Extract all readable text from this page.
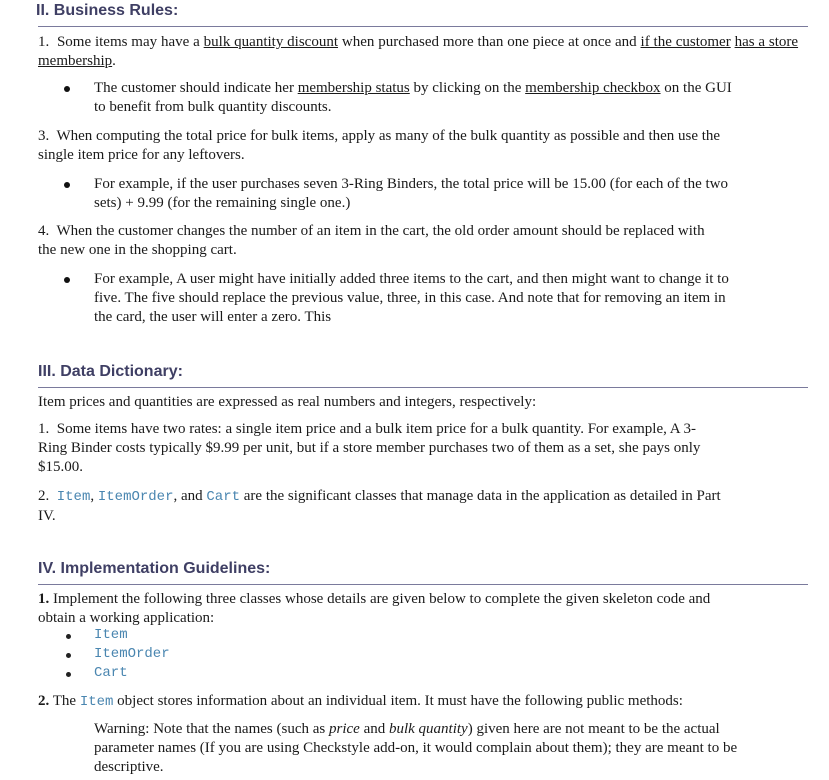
II. Business Rules:
1. Some items may have a bulk quantity discount when purchased more than one piece at once and if the customer has a store membership.
The customer should indicate her membership status by clicking on the membership checkbox on the GUI
to benefit from bulk quantity discounts.
3. When computing the total price for bulk items, apply as many of the bulk quantity as possible and then use the
single item price for any leftovers.
For example, if the user purchases seven 3-Ring Binders, the total price will be 15.00 (for each of the two
sets) + 9.99 (for the remaining single one.)
4. When the customer changes the number of an item in the cart, the old order amount should be replaced with
the new one in the shopping cart.
For example, A user might have initially added three items to the cart, and then might want to change it to
five. The five should replace the previous value, three, in this case. And note that for removing an item in
the card, the user will enter a zero. This
III. Data Dictionary:
Item prices and quantities are expressed as real numbers and integers, respectively:
1. Some items have two rates: a single item price and a bulk item price for a bulk quantity. For example, A 3-
Ring Binder costs typically $9.99 per unit, but if a store member purchases two of them as a set, she pays only
$15.00.
2. Item, ItemOrder, and Cart are the significant classes that manage data in the application as detailed in Part
IV.
IV. Implementation Guidelines:
1. Implement the following three classes whose details are given below to complete the given skeleton code and
obtain a working application:
Item
ItemOrder
Cart
2. The Item object stores information about an individual item. It must have the following public methods:
Warning: Note that the names (such as price and bulk quantity) given here are not meant to be the actual
parameter names (If you are using Checkstyle add-on, it would complain about them); they are meant to be
descriptive.
